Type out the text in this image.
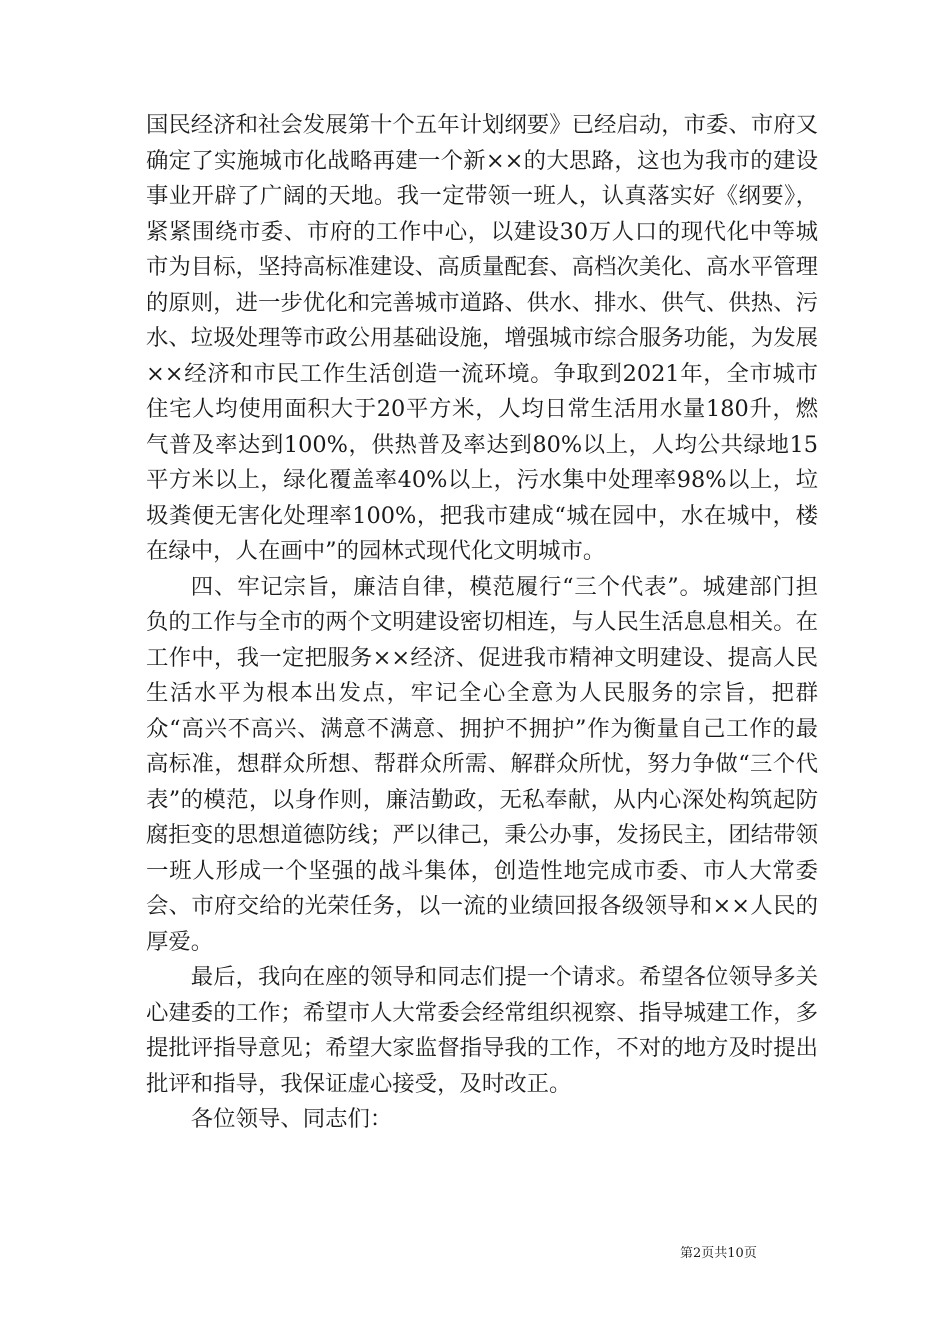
国民经济和社会发展第十个五年计划纲要》已经启动，市委、市府又确定了实施城市化战略再建一个新××的大思路，这也为我市的建设事业开辟了广阔的天地。我一定带领一班人，认真落实好《纲要》，紧紧围绕市委、市府的工作中心，以建设30万人口的现代化中等城市为目标，坚持高标准建设、高质量配套、高档次美化、高水平管理的原则，进一步优化和完善城市道路、供水、排水、供气、供热、污水、垃圾处理等市政公用基础设施，增强城市综合服务功能，为发展××经济和市民工作生活创造一流环境。争取到2021年，全市城市住宅人均使用面积大于20平方米，人均日常生活用水量180升，燃气普及率达到100%，供热普及率达到80%以上，人均公共绿地15平方米以上，绿化覆盖率40%以上，污水集中处理率98%以上，垃圾粪便无害化处理率100%，把我市建成“城在园中，水在城中，楼在绿中，人在画中”的园林式现代化文明城市。

四、牢记宗旨，廉洁自律，模范履行“三个代表”。城建部门担负的工作与全市的两个文明建设密切相连，与人民生活息息相关。在工作中，我一定把服务××经济、促进我市精神文明建设、提高人民生活水平为根本出发点，牢记全心全意为人民服务的宗旨，把群众“高兴不高兴、满意不满意、拥护不拥护”作为衡量自己工作的最高标准，想群众所想、帮群众所需、解群众所忧，努力争做“三个代表”的模范，以身作则，廉洁勤政，无私奉献，从内心深处构筑起防腐拒变的思想道德防线；严以律己，秉公办事，发扬民主，团结带领一班人形成一个坚强的战斗集体，创造性地完成市委、市人大常委会、市府交给的光荣任务，以一流的业绩回报各级领导和××人民的厚爱。

最后，我向在座的领导和同志们提一个请求。希望各位领导多关心建委的工作；希望市人大常委会经常组织视察、指导城建工作，多提批评指导意见；希望大家监督指导我的工作，不对的地方及时提出批评和指导，我保证虚心接受，及时改正。

各位领导、同志们：

第2页共10页
